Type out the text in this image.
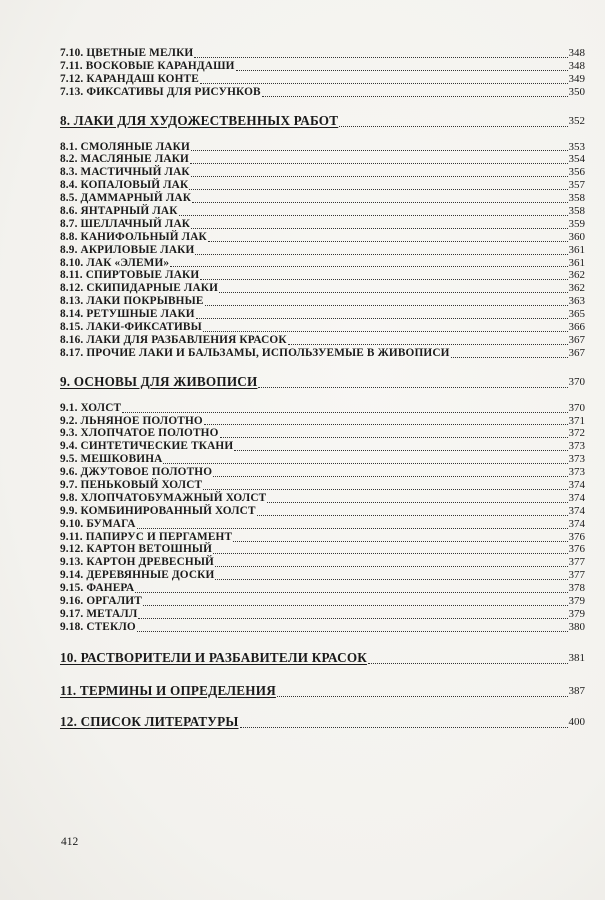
7.10. ЦВЕТНЫЕ МЕЛКИ	348
7.11. ВОСКОВЫЕ КАРАНДАШИ	348
7.12. КАРАНДАШ КОНТЕ	349
7.13. ФИКСАТИВЫ ДЛЯ РИСУНКОВ	350
8. ЛАКИ ДЛЯ ХУДОЖЕСТВЕННЫХ РАБОТ	352
8.1. СМОЛЯНЫЕ ЛАКИ	353
8.2. МАСЛЯНЫЕ ЛАКИ	354
8.3. МАСТИЧНЫЙ ЛАК	356
8.4. КОПАЛОВЫЙ ЛАК	357
8.5. ДАММАРНЫЙ ЛАК	358
8.6. ЯНТАРНЫЙ ЛАК	358
8.7. ШЕЛЛАЧНЫЙ ЛАК	359
8.8. КАНИФОЛЬНЫЙ ЛАК	360
8.9. АКРИЛОВЫЕ ЛАКИ	361
8.10. ЛАК «ЭЛЕМИ»	361
8.11. СПИРТОВЫЕ ЛАКИ	362
8.12. СКИПИДАРНЫЕ ЛАКИ	362
8.13. ЛАКИ ПОКРЫВНЫЕ	363
8.14. РЕТУШНЫЕ ЛАКИ	365
8.15. ЛАКИ-ФИКСАТИВЫ	366
8.16. ЛАКИ ДЛЯ РАЗБАВЛЕНИЯ КРАСОК	367
8.17. ПРОЧИЕ ЛАКИ И БАЛЬЗАМЫ, ИСПОЛЬЗУЕМЫЕ В ЖИВОПИСИ	367
9. ОСНОВЫ ДЛЯ ЖИВОПИСИ	370
9.1. ХОЛСТ	370
9.2. ЛЬНЯНОЕ ПОЛОТНО	371
9.3. ХЛОПЧАТОЕ ПОЛОТНО	372
9.4. СИНТЕТИЧЕСКИЕ ТКАНИ	373
9.5. МЕШКОВИНА	373
9.6. ДЖУТОВОЕ ПОЛОТНО	373
9.7. ПЕНЬКОВЫЙ ХОЛСТ	374
9.8. ХЛОПЧАТОБУМАЖНЫЙ ХОЛСТ	374
9.9. КОМБИНИРОВАННЫЙ ХОЛСТ	374
9.10. БУМАГА	374
9.11. ПАПИРУС И ПЕРГАМЕНТ	376
9.12. КАРТОН ВЕТОШНЫЙ	376
9.13. КАРТОН ДРЕВЕСНЫЙ	377
9.14. ДЕРЕВЯННЫЕ ДОСКИ	377
9.15. ФАНЕРА	378
9.16. ОРГАЛИТ	379
9.17. МЕТАЛЛ	379
9.18. СТЕКЛО	380
10. РАСТВОРИТЕЛИ И РАЗБАВИТЕЛИ КРАСОК	381
11. ТЕРМИНЫ И ОПРЕДЕЛЕНИЯ	387
12. СПИСОК ЛИТЕРАТУРЫ	400
412
